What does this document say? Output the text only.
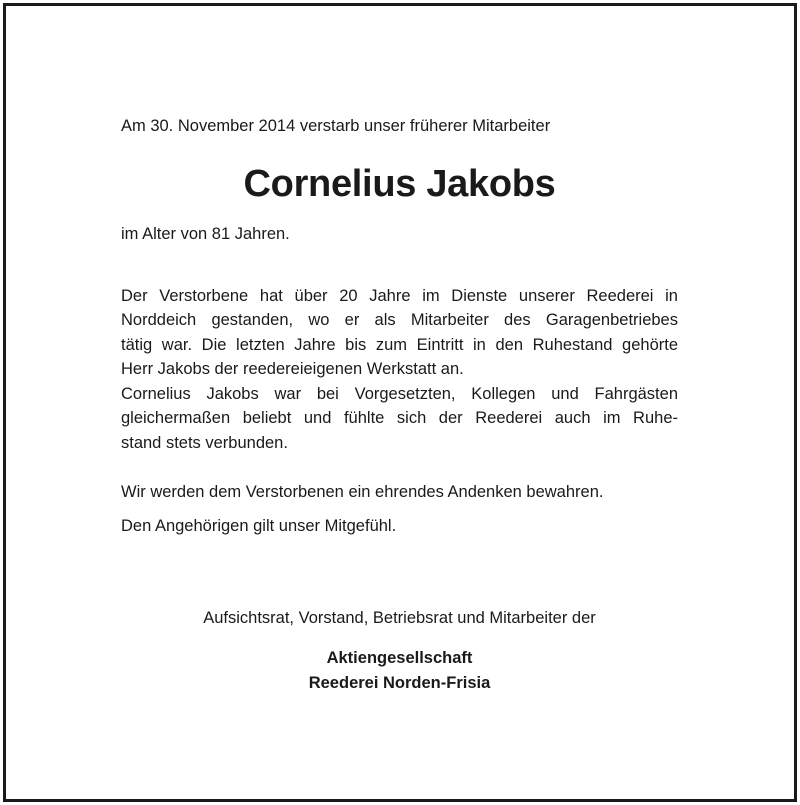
Am 30. November 2014 verstarb unser früherer Mitarbeiter
Cornelius Jakobs
im Alter von 81 Jahren.
Der Verstorbene hat über 20 Jahre im Dienste unserer Reederei in
Norddeich gestanden, wo er als Mitarbeiter des Garagenbetriebes
tätig war. Die letzten Jahre bis zum Eintritt in den Ruhestand gehörte
Herr Jakobs der reedereieigenen Werkstatt an.
Cornelius Jakobs war bei Vorgesetzten, Kollegen und Fahrgästen
gleichermaßen beliebt und fühlte sich der Reederei auch im Ruhe-
stand stets verbunden.
Wir werden dem Verstorbenen ein ehrendes Andenken bewahren.
Den Angehörigen gilt unser Mitgefühl.
Aufsichtsrat, Vorstand, Betriebsrat und Mitarbeiter der
Aktiengesellschaft
Reederei Norden-Frisia
